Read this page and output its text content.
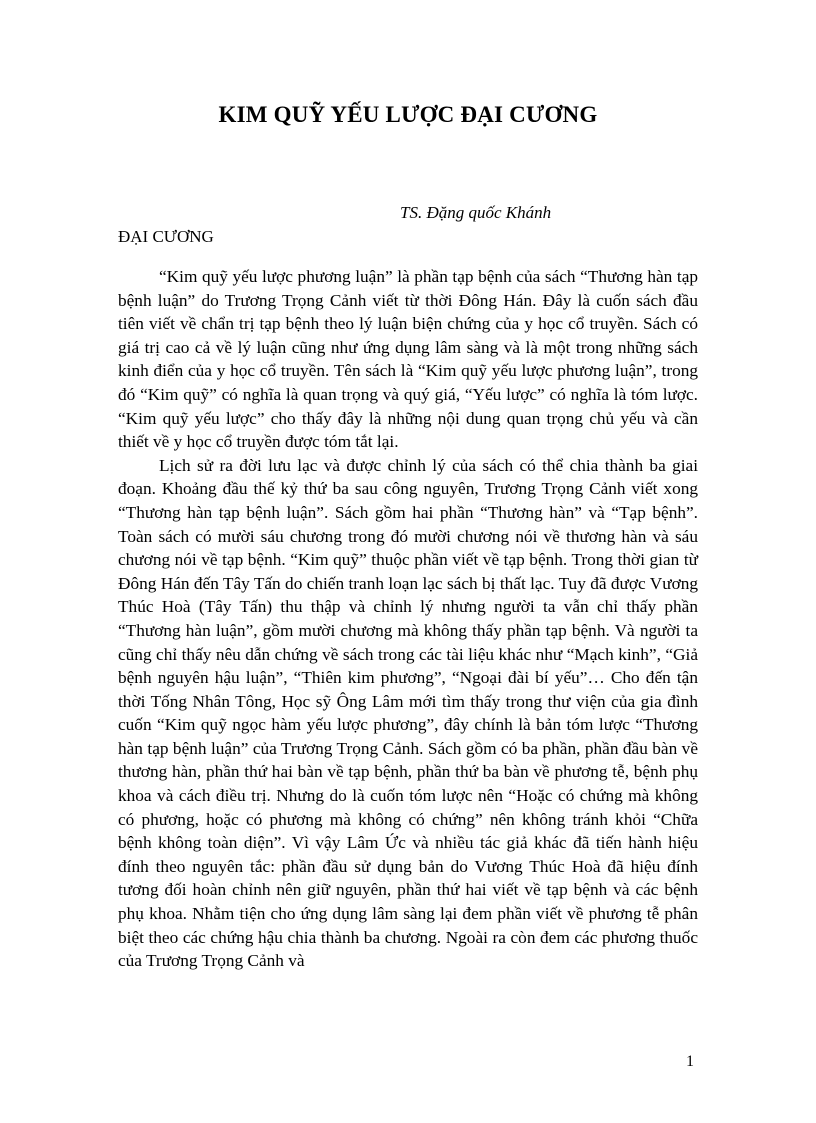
KIM QUỸ YẾU LƯỢC ĐẠI CƯƠNG
TS. Đặng quốc Khánh
ĐẠI CƯƠNG

“Kim quỹ yếu lược phương luận” là phần tạp bệnh của sách “Thương hàn tạp bệnh luận” do Trương Trọng Cảnh viết từ thời Đông Hán. Đây là cuốn sách đầu tiên viết về chẩn trị tạp bệnh theo lý luận biện chứng của y học cổ truyền. Sách có giá trị cao cả về lý luận cũng như ứng dụng lâm sàng và là một trong những sách kinh điển của y học cổ truyền. Tên sách là “Kim quỹ yếu lược phương luận”, trong đó “Kim quỹ” có nghĩa là quan trọng và quý giá, “Yếu lược” có nghĩa là tóm lược. “Kim quỹ yếu lược” cho thấy đây là những nội dung quan trọng chủ yếu và cần thiết về y học cổ truyền được tóm tắt lại.

Lịch sử ra đời lưu lạc và được chỉnh lý của sách có thể chia thành ba giai đoạn. Khoảng đầu thế kỷ thứ ba sau công nguyên, Trương Trọng Cảnh viết xong “Thương hàn tạp bệnh luận”. Sách gồm hai phần “Thương hàn” và “Tạp bệnh”. Toàn sách có mười sáu chương trong đó mười chương nói về thương hàn và sáu chương nói về tạp bệnh. “Kim quỹ” thuộc phần viết về tạp bệnh. Trong thời gian từ Đông Hán đến Tây Tấn do chiến tranh loạn lạc sách bị thất lạc. Tuy đã được Vương Thúc Hoà (Tây Tấn) thu thập và chỉnh lý nhưng người ta vẫn chỉ thấy phần “Thương hàn luận”, gồm mười chương mà không thấy phần tạp bệnh. Và người ta cũng chỉ thấy nêu dẫn chứng về sách trong các tài liệu khác như “Mạch kinh”, “Giả bệnh nguyên hậu luận”, “Thiên kim phương”, “Ngoại đài bí yếu”… Cho đến tận thời Tống Nhân Tông, Học sỹ Ông Lâm mới tìm thấy trong thư viện của gia đình cuốn “Kim quỹ ngọc hàm yếu lược phương”, đây chính là bản tóm lược “Thương hàn tạp bệnh luận” của Trương Trọng Cảnh. Sách gồm có ba phần, phần đầu bàn về thương hàn, phần thứ hai bàn về tạp bệnh, phần thứ ba bàn về phương tễ, bệnh phụ khoa và cách điều trị. Nhưng do là cuốn tóm lược nên “Hoặc có chứng mà không có phương, hoặc có phương mà không có chứng” nên không tránh khỏi “Chữa bệnh không toàn diện”. Vì vậy Lâm Ức và nhiều tác giả khác đã tiến hành hiệu đính theo nguyên tắc: phần đầu sử dụng bản do Vương Thúc Hoà đã hiệu đính tương đối hoàn chỉnh nên giữ nguyên, phần thứ hai viết về tạp bệnh và các bệnh phụ khoa. Nhằm tiện cho ứng dụng lâm sàng lại đem phần viết về phương tễ phân biệt theo các chứng hậu chia thành ba chương. Ngoài ra còn đem các phương thuốc của Trương Trọng Cảnh và

1
